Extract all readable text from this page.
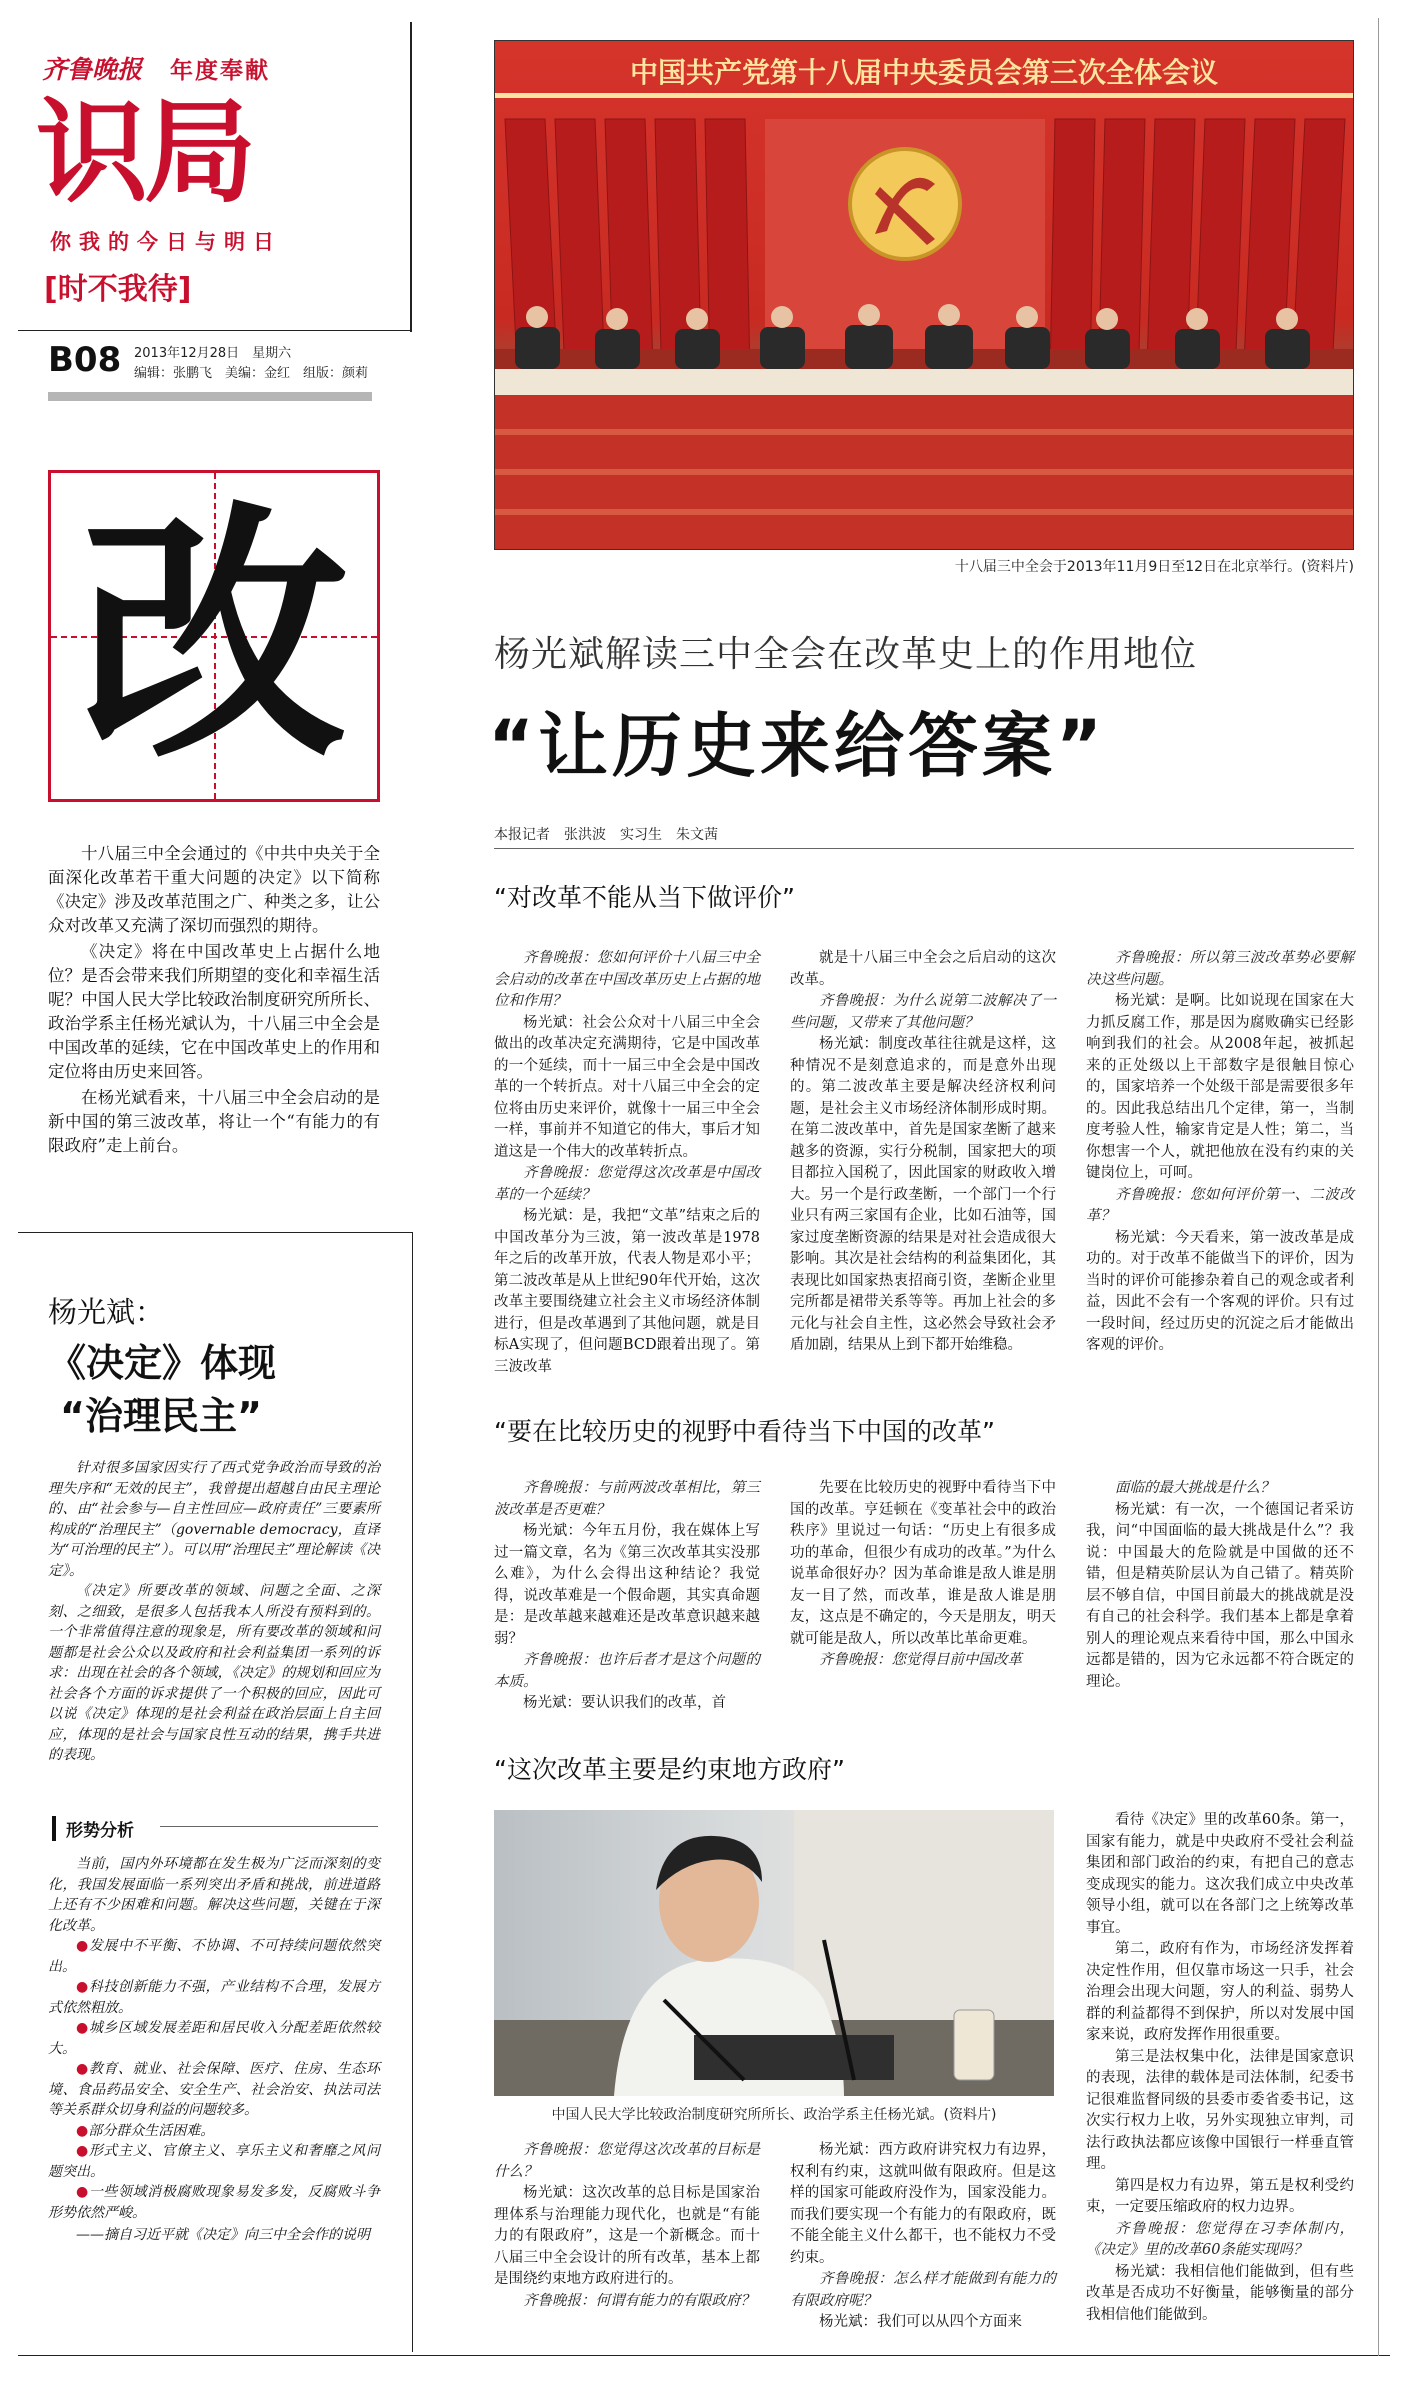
齐鲁晚报 年度奉献
识局
你我的今日与明日
[时不我待]
B08 2013年12月28日　星期六
编辑：张鹏飞　美编：金红　组版：颜莉
改

十八届三中全会通过的《中共中央关于全面深化改革若干重大问题的决定》以下简称《决定》涉及改革范围之广、种类之多，让公众对改革又充满了深切而强烈的期待。

《决定》将在中国改革史上占据什么地位？是否会带来我们所期望的变化和幸福生活呢？中国人民大学比较政治制度研究所所长、政治学系主任杨光斌认为，十八届三中全会是中国改革的延续，它在中国改革史上的作用和定位将由历史来回答。

在杨光斌看来，十八届三中全会启动的是新中国的第三波改革，将让一个“有能力的有限政府”走上前台。

杨光斌：
《决定》体现
“治理民主”

针对很多国家因实行了西式党争政治而导致的治理失序和“无效的民主”，我曾提出超越自由民主理论的、由“社会参与—自主性回应—政府责任”三要素所构成的“治理民主”（governable democracy，直译为“可治理的民主”）。可以用“治理民主”理论解读《决定》。

《决定》所要改革的领域、问题之全面、之深刻、之细致，是很多人包括我本人所没有预料到的。一个非常值得注意的现象是，所有要改革的领域和问题都是社会公众以及政府和社会利益集团一系列的诉求：出现在社会的各个领域，《决定》的规划和回应为社会各个方面的诉求提供了一个积极的回应，因此可以说《决定》体现的是社会利益在政治层面上自主回应，体现的是社会与国家良性互动的结果，携手共进的表现。

形势分析

当前，国内外环境都在发生极为广泛而深刻的变化，我国发展面临一系列突出矛盾和挑战，前进道路上还有不少困难和问题。解决这些问题，关键在于深化改革。

●发展中不平衡、不协调、不可持续问题依然突出。

●科技创新能力不强，产业结构不合理，发展方式依然粗放。

●城乡区域发展差距和居民收入分配差距依然较大。

●教育、就业、社会保障、医疗、住房、生态环境、食品药品安全、安全生产、社会治安、执法司法等关系群众切身利益的问题较多。

●部分群众生活困难。

●形式主义、官僚主义、享乐主义和奢靡之风问题突出。

●一些领域消极腐败现象易发多发，反腐败斗争形势依然严峻。

——摘自习近平就《决定》向三中全会作的说明

中国共产党第十八届中央委员会第三次全体会议
十八届三中全会于2013年11月9日至12日在北京举行。(资料片)
杨光斌解读三中全会在改革史上的作用地位
“让历史来给答案”
本报记者　张洪波　实习生　朱文茜
“对改革不能从当下做评价”

齐鲁晚报：您如何评价十八届三中全会启动的改革在中国改革历史上占据的地位和作用？

杨光斌：社会公众对十八届三中全会做出的改革决定充满期待，它是中国改革的一个延续，而十一届三中全会是中国改革的一个转折点。对十八届三中全会的定位将由历史来评价，就像十一届三中全会一样，事前并不知道它的伟大，事后才知道这是一个伟大的改革转折点。

齐鲁晚报：您觉得这次改革是中国改革的一个延续？

杨光斌：是，我把“文革”结束之后的中国改革分为三波，第一波改革是1978年之后的改革开放，代表人物是邓小平；第二波改革是从上世纪90年代开始，这次改革主要围绕建立社会主义市场经济体制进行，但是改革遇到了其他问题，就是目标A实现了，但问题BCD跟着出现了。第三波改革

就是十八届三中全会之后启动的这次改革。

齐鲁晚报：为什么说第二波解决了一些问题，又带来了其他问题？

杨光斌：制度改革往往就是这样，这种情况不是刻意追求的，而是意外出现的。第二波改革主要是解决经济权利问题，是社会主义市场经济体制形成时期。在第二波改革中，首先是国家垄断了越来越多的资源，实行分税制，国家把大的项目都拉入国税了，因此国家的财政收入增大。另一个是行政垄断，一个部门一个行业只有两三家国有企业，比如石油等，国家过度垄断资源的结果是对社会造成很大影响。其次是社会结构的利益集团化，其表现比如国家热衷招商引资，垄断企业里完所都是裙带关系等等。再加上社会的多元化与社会自主性，这必然会导致社会矛盾加剧，结果从上到下都开始维稳。

齐鲁晚报：所以第三波改革势必要解决这些问题。

杨光斌：是啊。比如说现在国家在大力抓反腐工作，那是因为腐败确实已经影响到我们的社会。从2008年起，被抓起来的正处级以上干部数字是很触目惊心的，国家培养一个处级干部是需要很多年的。因此我总结出几个定律，第一，当制度考验人性，输家肯定是人性；第二，当你想害一个人，就把他放在没有约束的关键岗位上，可呵。

齐鲁晚报：您如何评价第一、二波改革？

杨光斌：今天看来，第一波改革是成功的。对于改革不能做当下的评价，因为当时的评价可能掺杂着自己的观念或者利益，因此不会有一个客观的评价。只有过一段时间，经过历史的沉淀之后才能做出客观的评价。

“要在比较历史的视野中看待当下中国的改革”

齐鲁晚报：与前两波改革相比，第三波改革是否更难？

杨光斌：今年五月份，我在媒体上写过一篇文章，名为《第三次改革其实没那么难》，为什么会得出这种结论？我觉得，说改革难是一个假命题，其实真命题是：是改革越来越难还是改革意识越来越弱？

齐鲁晚报：也许后者才是这个问题的本质。

杨光斌：要认识我们的改革，首

先要在比较历史的视野中看待当下中国的改革。亨廷顿在《变革社会中的政治秩序》里说过一句话：“历史上有很多成功的革命，但很少有成功的改革。”为什么说革命很好办？因为革命谁是敌人谁是朋友一目了然，而改革，谁是敌人谁是朋友，这点是不确定的，今天是朋友，明天就可能是敌人，所以改革比革命更难。

齐鲁晚报：您觉得目前中国改革

面临的最大挑战是什么？

杨光斌：有一次，一个德国记者采访我，问“中国面临的最大挑战是什么”？我说：中国最大的危险就是中国做的还不错，但是精英阶层认为自己错了。精英阶层不够自信，中国目前最大的挑战就是没有自己的社会科学。我们基本上都是拿着别人的理论观点来看待中国，那么中国永远都是错的，因为它永远都不符合既定的理论。

“这次改革主要是约束地方政府”
中国人民大学比较政治制度研究所所长、政治学系主任杨光斌。(资料片)

看待《决定》里的改革60条。第一，国家有能力，就是中央政府不受社会利益集团和部门政治的约束，有把自己的意志变成现实的能力。这次我们成立中央改革领导小组，就可以在各部门之上统筹改革事宜。

第二，政府有作为，市场经济发挥着决定性作用，但仅靠市场这一只手，社会治理会出现大问题，穷人的利益、弱势人群的利益都得不到保护，所以对发展中国家来说，政府发挥作用很重要。

第三是法权集中化，法律是国家意识的表现，法律的载体是司法体制，纪委书记很难监督同级的县委市委省委书记，这次实行权力上收，另外实现独立审判，司法行政执法都应该像中国银行一样垂直管理。

第四是权力有边界，第五是权利受约束，一定要压缩政府的权力边界。

齐鲁晚报：您觉得在习李体制内，《决定》里的改革60条能实现吗？

杨光斌：我相信他们能做到，但有些改革是否成功不好衡量，能够衡量的部分我相信他们能做到。

齐鲁晚报：您觉得这次改革的目标是什么？

杨光斌：这次改革的总目标是国家治理体系与治理能力现代化，也就是“有能力的有限政府”，这是一个新概念。而十八届三中全会设计的所有改革，基本上都是围绕约束地方政府进行的。

齐鲁晚报：何谓有能力的有限政府？

杨光斌：西方政府讲究权力有边界，权利有约束，这就叫做有限政府。但是这样的国家可能政府没作为，国家没能力。而我们要实现一个有能力的有限政府，既不能全能主义什么都干，也不能权力不受约束。

齐鲁晚报：怎么样才能做到有能力的有限政府呢？

杨光斌：我们可以从四个方面来
